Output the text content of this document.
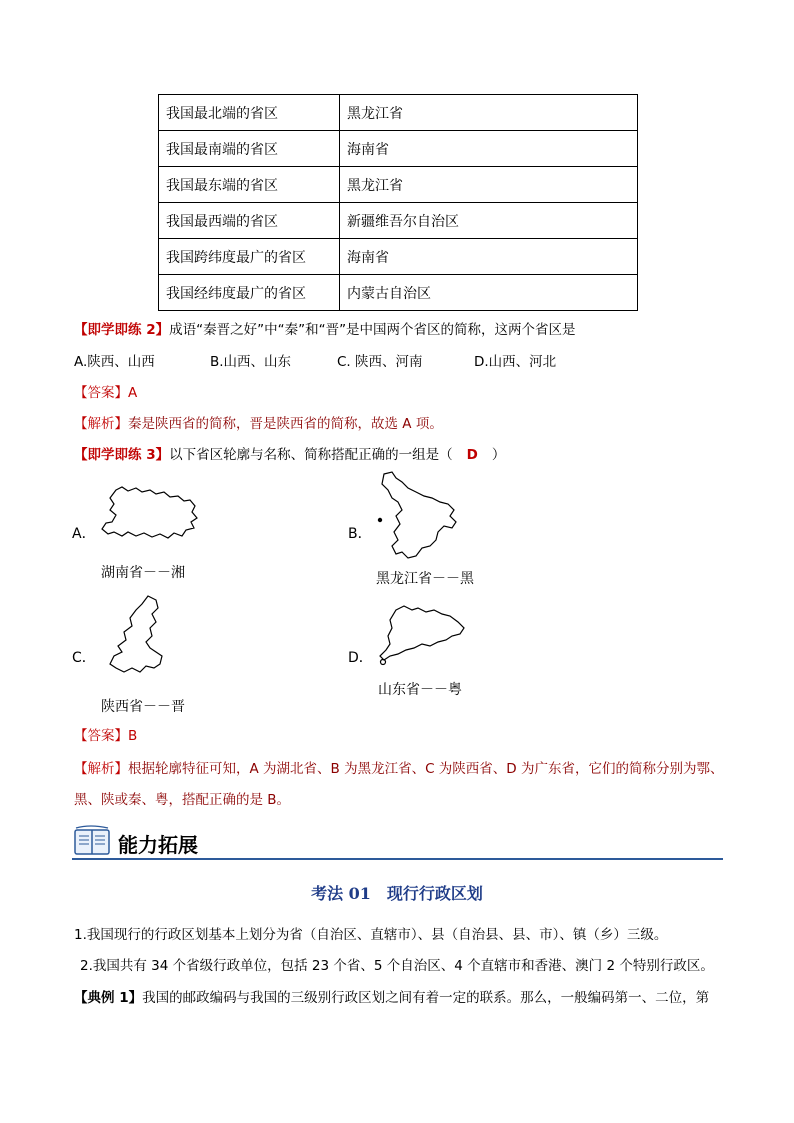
我国最北端的省区	黑龙江省
我国最南端的省区	海南省
我国最东端的省区	黑龙江省
我国最西端的省区	新疆维吾尔自治区
我国跨纬度最广的省区	海南省
我国经纬度最广的省区	内蒙古自治区
【即学即练 2】成语“秦晋之好”中“秦”和“晋”是中国两个省区的简称，这两个省区是
A.陕西、山西	B.山西、山东	C. 陕西、河南	D.山西、河北
【答案】A
【解析】秦是陕西省的简称，晋是陕西省的简称，故选 A 项。
【即学即练 3】以下省区轮廓与名称、简称搭配正确的一组是（ D ）
A．
湖南省－－湘
B．
黑龙江省－－黑
C．
陕西省－－晋
D．
山东省－－粤
【答案】B
【解析】根据轮廓特征可知，A 为湖北省、B 为黑龙江省、C 为陕西省、D 为广东省，它们的简称分别为鄂、
黑、陕或秦、粤，搭配正确的是 B。
能力拓展
考法 01　现行行政区划
1.我国现行的行政区划基本上划分为省（自治区、直辖市）、县（自治县、县、市）、镇（乡）三级。
2.我国共有 34 个省级行政单位，包括 23 个省、5 个自治区、4 个直辖市和香港、澳门 2 个特别行政区。
【典例 1】我国的邮政编码与我国的三级别行政区划之间有着一定的联系。那么，一般编码第一、二位，第
